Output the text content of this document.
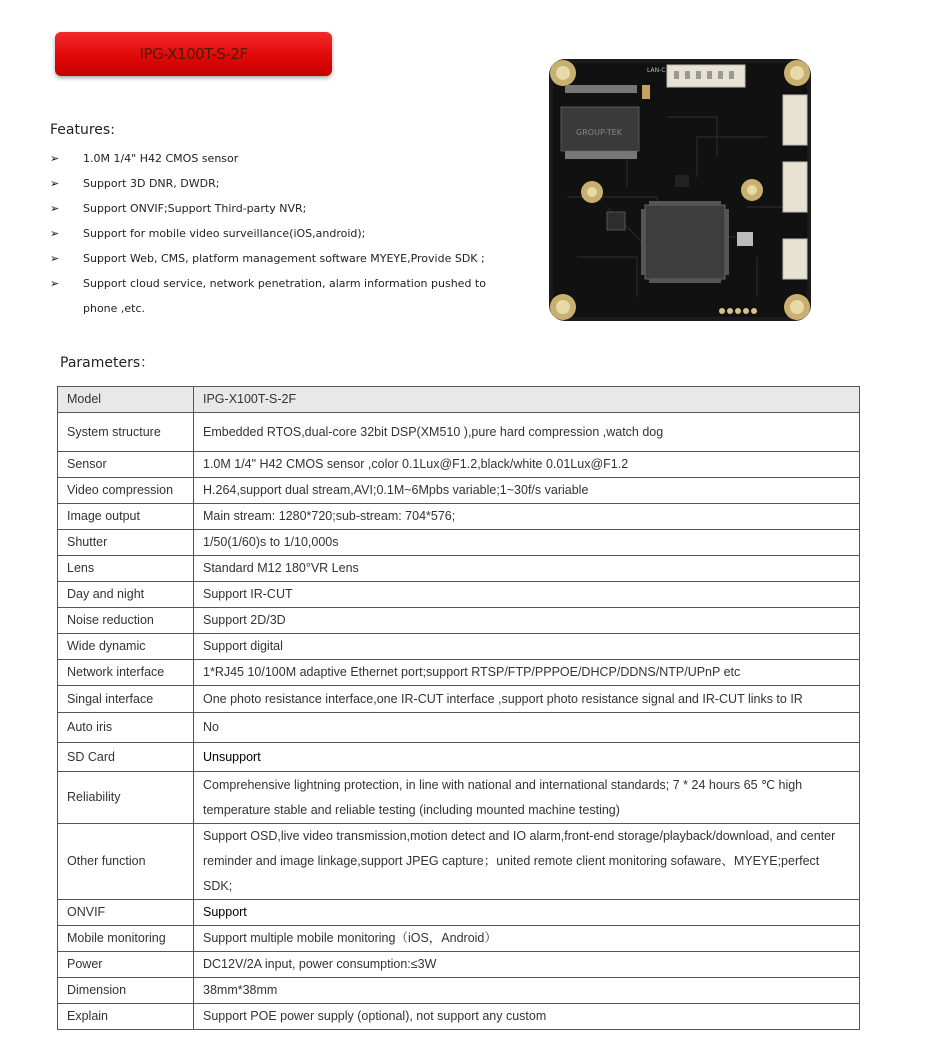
IPG-X100T-S-2F
Features:
➢ 1.0M 1/4" H42 CMOS sensor
➢ Support 3D DNR, DWDR;
➢ Support ONVIF;Support Third-party NVR;
➢ Support for mobile video surveillance(iOS,android);
➢ Support Web, CMS, platform management software MYEYE,Provide SDK ;
➢ Support cloud service, network penetration, alarm information pushed to phone ,etc.
GROUP-TEK
LAN-C
Parameters：
Model	IPG-X100T-S-2F
System structure	Embedded RTOS,dual-core 32bit DSP(XM510 ),pure hard compression ,watch dog
Sensor	1.0M 1/4" H42 CMOS sensor ,color 0.1Lux@F1.2,black/white 0.01Lux@F1.2
Video compression	H.264,support dual stream,AVI;0.1M~6Mpbs variable;1~30f/s variable
Image output	Main stream: 1280*720;sub-stream: 704*576;
Shutter	1/50(1/60)s to 1/10,000s
Lens	Standard M12 180°VR Lens
Day and night	Support IR-CUT
Noise reduction	Support 2D/3D
Wide dynamic	Support digital
Network interface	1*RJ45 10/100M adaptive Ethernet port;support RTSP/FTP/PPPOE/DHCP/DDNS/NTP/UPnP etc
Singal interface	One photo resistance interface,one IR-CUT interface ,support photo resistance signal and IR-CUT links to IR
Auto iris	No
SD Card	Unsupport
Reliability	Comprehensive lightning protection, in line with national and international standards; 7 * 24 hours 65 ℃ high temperature stable and reliable testing (including mounted machine testing)
Other function	Support OSD,live video transmission,motion detect and IO alarm,front-end storage/playback/download, and center reminder and image linkage,support JPEG capture；united remote client monitoring sofaware、MYEYE;perfect SDK;
ONVIF	Support
Mobile monitoring	Support multiple mobile monitoring（iOS，Android）
Power	DC12V/2A input, power consumption:≤3W
Dimension	38mm*38mm
Explain	Support POE power supply (optional), not support any custom
